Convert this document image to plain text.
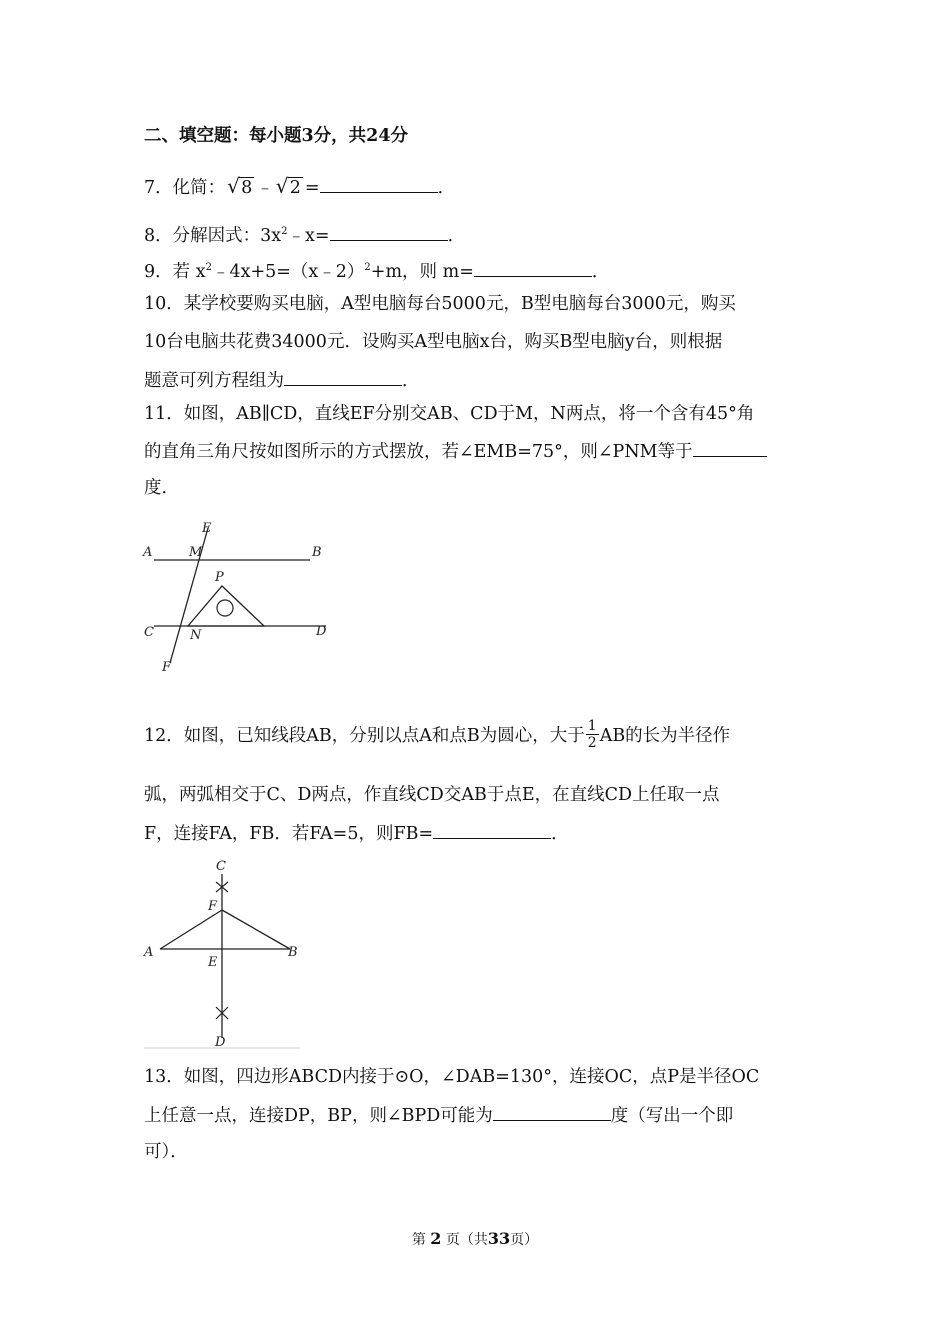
二、填空题：每小题3分，共24分
7．化简： √ 8 ﹣ √ 2 =	．
8．分解因式：$3x^2﹣x=$	．
9．若 $x^2﹣4x+5=(x﹣2)^2+m$，则 m=	．
10．某学校要购买电脑，A型电脑每台5000元，B型电脑每台3000元，购买
10台电脑共花费34000元．设购买A型电脑x台，购买B型电脑y台，则根据
题意可列方程组为	．
11．如图，AB∥CD，直线EF分别交AB、CD于M，N两点，将一个含有45°角
的直角三角尺按如图所示的方式摆放，若∠EMB=75°，则∠PNM等于
度．
A	M
E
B
P
C	N	D
F
12．如图，已知线段AB，分别以点A和点B为圆心，大于 $\frac{1}{2}$ AB的长为半径作
弧，两弧相交于C、D两点，作直线CD交AB于点E，在直线CD上任取一点
F，连接FA，FB．若FA=5，则FB=	．
C
F
A
E
B
D
13．如图，四边形ABCD内接于⊙O，∠DAB=130°，连接OC，点P是半径OC
上任意一点，连接DP，BP，则∠BPD可能为	度（写出一个即
可）．
第 2 页（共33页）
